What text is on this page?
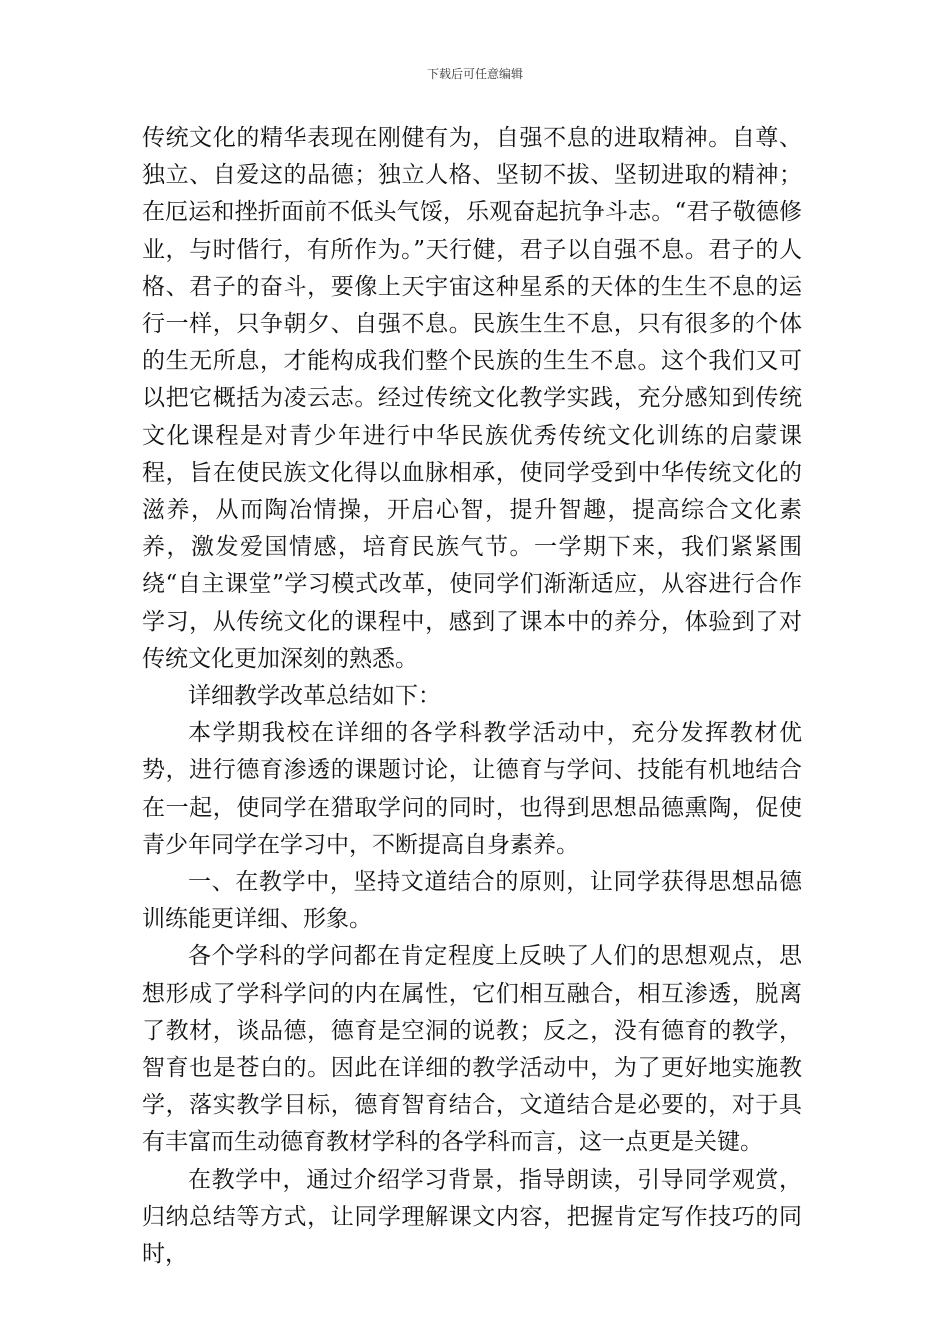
下载后可任意编辑

传统文化的精华表现在刚健有为，自强不息的进取精神。自尊、独立、自爱这的品德；独立人格、坚韧不拔、坚韧进取的精神；在厄运和挫折面前不低头气馁，乐观奋起抗争斗志。“君子敬德修业，与时偕行，有所作为。”天行健，君子以自强不息。君子的人格、君子的奋斗，要像上天宇宙这种星系的天体的生生不息的运行一样，只争朝夕、自强不息。民族生生不息，只有很多的个体的生无所息，才能构成我们整个民族的生生不息。这个我们又可以把它概括为凌云志。经过传统文化教学实践，充分感知到传统文化课程是对青少年进行中华民族优秀传统文化训练的启蒙课程，旨在使民族文化得以血脉相承，使同学受到中华传统文化的滋养，从而陶冶情操，开启心智，提升智趣，提高综合文化素养，激发爱国情感，培育民族气节。一学期下来，我们紧紧围绕“自主课堂”学习模式改革，使同学们渐渐适应，从容进行合作学习，从传统文化的课程中，感到了课本中的养分，体验到了对传统文化更加深刻的熟悉。

详细教学改革总结如下：

本学期我校在详细的各学科教学活动中，充分发挥教材优势，进行德育渗透的课题讨论，让德育与学问、技能有机地结合在一起，使同学在猎取学问的同时，也得到思想品德熏陶，促使青少年同学在学习中，不断提高自身素养。

一、在教学中，坚持文道结合的原则，让同学获得思想品德训练能更详细、形象。

各个学科的学问都在肯定程度上反映了人们的思想观点，思想形成了学科学问的内在属性，它们相互融合，相互渗透，脱离了教材，谈品德，德育是空洞的说教；反之，没有德育的教学，智育也是苍白的。因此在详细的教学活动中，为了更好地实施教学，落实教学目标，德育智育结合，文道结合是必要的，对于具有丰富而生动德育教材学科的各学科而言，这一点更是关键。

在教学中，通过介绍学习背景，指导朗读，引导同学观赏，归纳总结等方式，让同学理解课文内容，把握肯定写作技巧的同时，
